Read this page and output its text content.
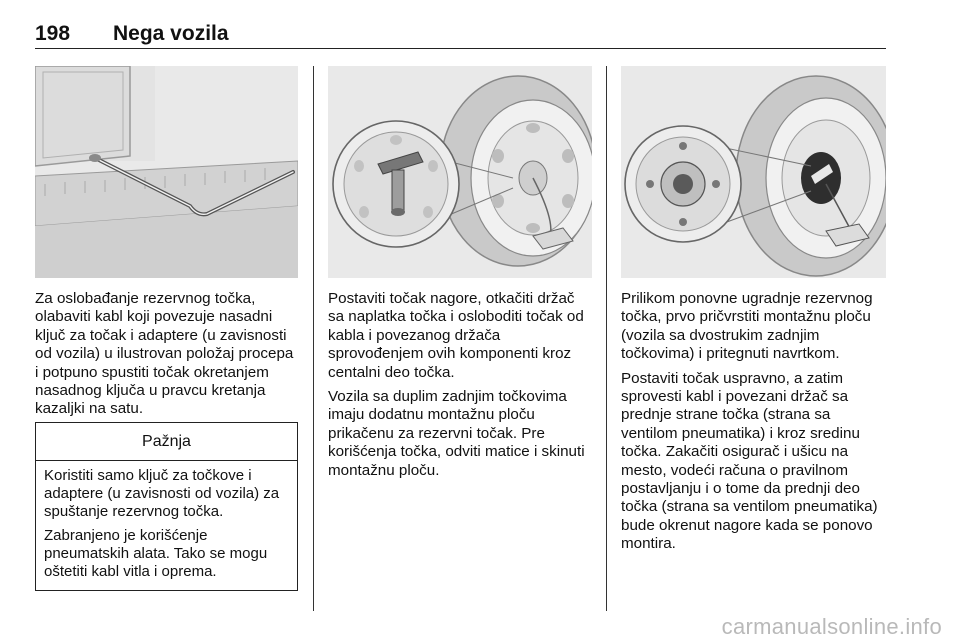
198 Nega vozila

Za oslobađanje rezervnog točka, olabaviti kabl koji povezuje nasadni ključ za točak i adaptere (u zavisnosti od vozila) u ilustrovan položaj procepa i potpuno spustiti točak okretanjem nasadnog ključa u pravcu kretanja kazaljki na satu.

Pažnja

Koristiti samo ključ za točkove i adaptere (u zavisnosti od vozila) za spuštanje rezervnog točka.

Zabranjeno je korišćenje pneumatskih alata. Tako se mogu oštetiti kabl vitla i oprema.

Postaviti točak nagore, otkačiti držač sa naplatka točka i osloboditi točak od kabla i povezanog držača sprovođenjem ovih komponenti kroz centalni deo točka.

Vozila sa duplim zadnjim točkovima imaju dodatnu montažnu ploču prikačenu za rezervni točak. Pre korišćenja točka, odviti matice i skinuti montažnu ploču.

Prilikom ponovne ugradnje rezervnog točka, prvo pričvrstiti montažnu ploču (vozila sa dvostrukim zadnjim točkovima) i pritegnuti navrtkom.

Postaviti točak uspravno, a zatim sprovesti kabl i povezani držač sa prednje strane točka (strana sa ventilom pneumatika) i kroz sredinu točka. Zakačiti osigurač i ušicu na mesto, vodeći računa o pravilnom postavljanju i o tome da prednji deo točka (strana sa ventilom pneumatika) bude okrenut nagore kada se ponovo montira.

carmanualsonline.info
